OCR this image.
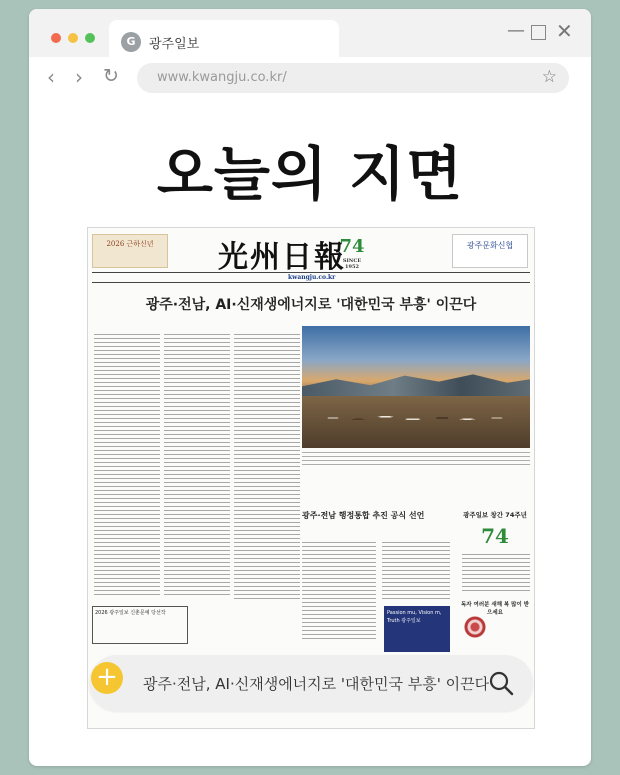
G	광주일보
— ✕
‹ › ↻	www.kwangju.co.kr/	☆
오늘의 지면
2026 근하신년	光州日報
74
SINCE 1952
광주문화신협
kwangju.co.kr
광주·전남, AI·신재생에너지로 '대한민국 부흥' 이끈다
광주·전남 행정통합 추진 공식 선언
Passion mu, Vision m,
Truth 광주일보
광주일보 창간 74주년
74
독자 여러분 새해 복 많이 받으세요
2026 광주일보 신춘문예 당선작
광주·전남, AI·신재생에너지로 '대한민국 부흥' 이끈다
+
